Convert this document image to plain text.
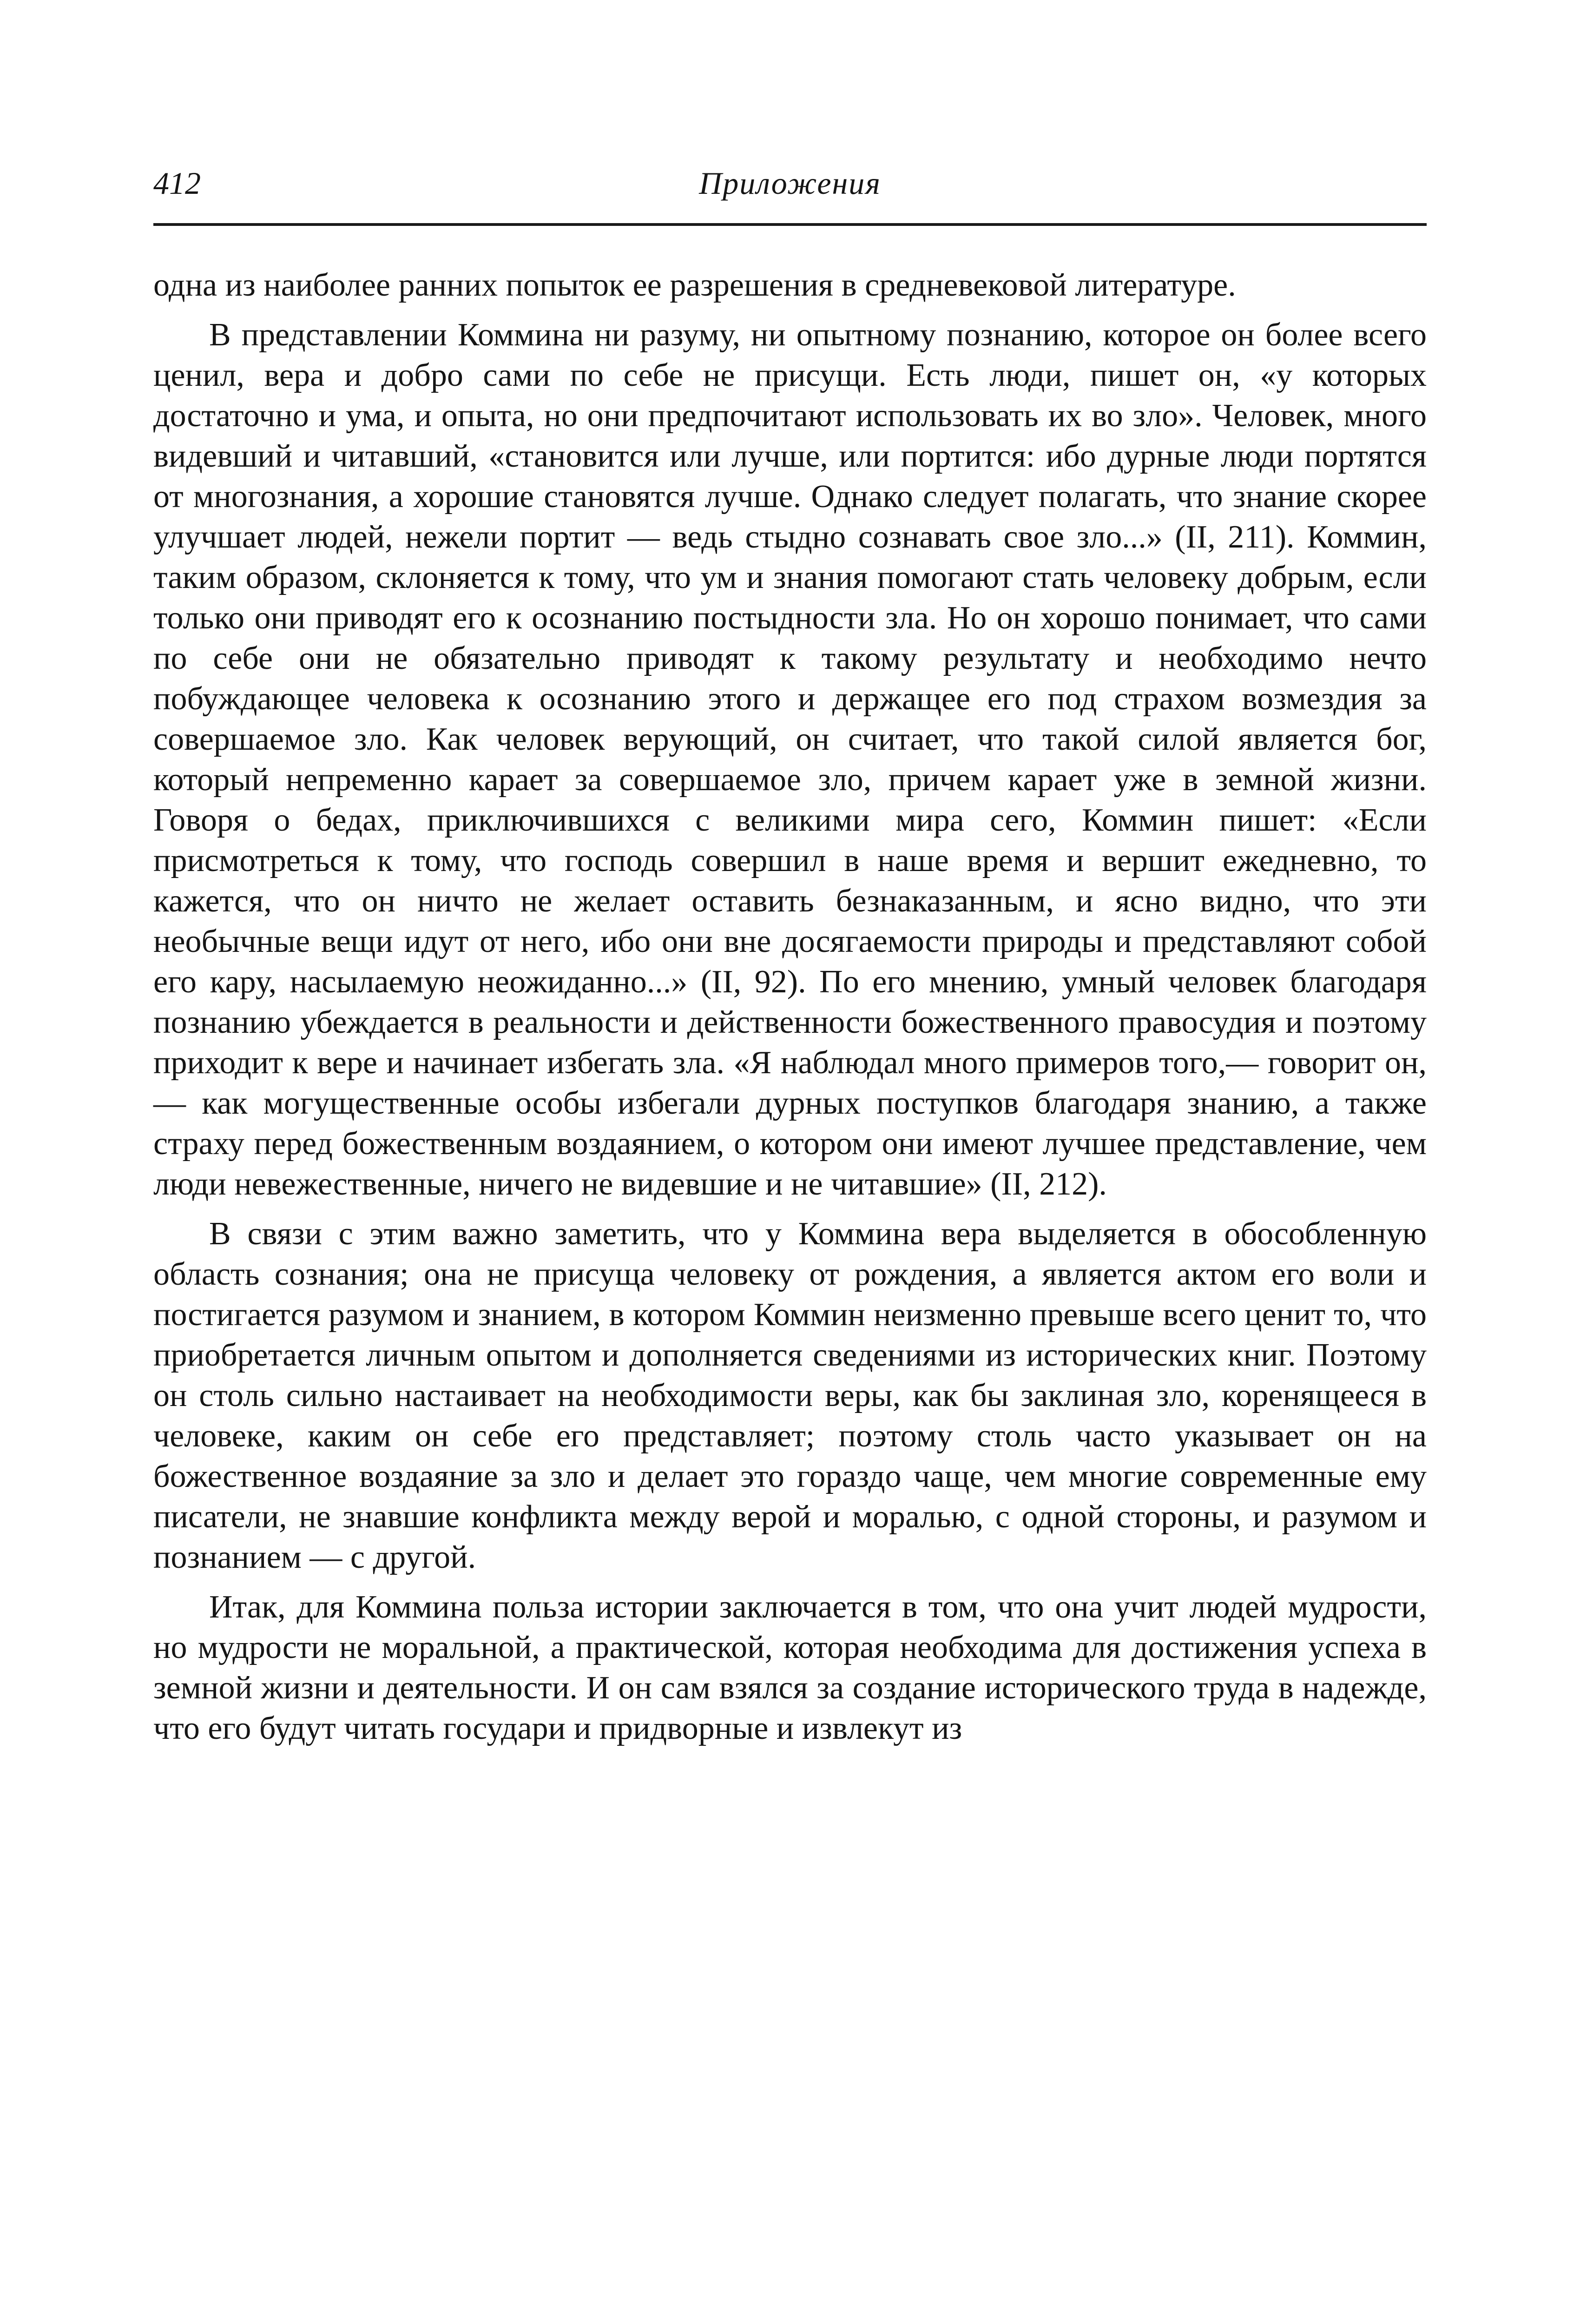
412	Приложения

одна из наиболее ранних попыток ее разрешения в средневековой литературе.

В представлении Коммина ни разуму, ни опытному познанию, которое он более всего ценил, вера и добро сами по себе не присущи. Есть люди, пишет он, «у которых достаточно и ума, и опыта, но они предпочитают использовать их во зло». Человек, много видевший и читавший, «становится или лучше, или портится: ибо дурные люди портятся от многознания, а хорошие становятся лучше. Однако следует полагать, что знание скорее улучшает людей, нежели портит — ведь стыдно сознавать свое зло...» (II, 211). Коммин, таким образом, склоняется к тому, что ум и знания помогают стать человеку добрым, если только они приводят его к осознанию постыдности зла. Но он хорошо понимает, что сами по себе они не обязательно приводят к такому результату и необходимо нечто побуждающее человека к осознанию этого и держащее его под страхом возмездия за совершаемое зло. Как человек верующий, он считает, что такой силой является бог, который непременно карает за совершаемое зло, причем карает уже в земной жизни. Говоря о бедах, приключившихся с великими мира сего, Коммин пишет: «Если присмотреться к тому, что господь совершил в наше время и вершит ежедневно, то кажется, что он ничто не желает оставить безнаказанным, и ясно видно, что эти необычные вещи идут от него, ибо они вне досягаемости природы и представляют собой его кару, насылаемую неожиданно...» (II, 92). По его мнению, умный человек благодаря познанию убеждается в реальности и действенности божественного правосудия и поэтому приходит к вере и начинает избегать зла. «Я наблюдал много примеров того,— говорит он,— как могущественные особы избегали дурных поступков благодаря знанию, а также страху перед божественным воздаянием, о котором они имеют лучшее представление, чем люди невежественные, ничего не видевшие и не читавшие» (II, 212).

В связи с этим важно заметить, что у Коммина вера выделяется в обособленную область сознания; она не присуща человеку от рождения, а является актом его воли и постигается разумом и знанием, в котором Коммин неизменно превыше всего ценит то, что приобретается личным опытом и дополняется сведениями из исторических книг. Поэтому он столь сильно настаивает на необходимости веры, как бы заклиная зло, коренящееся в человеке, каким он себе его представляет; поэтому столь часто указывает он на божественное воздаяние за зло и делает это гораздо чаще, чем многие современные ему писатели, не знавшие конфликта между верой и моралью, с одной стороны, и разумом и познанием — с другой.

Итак, для Коммина польза истории заключается в том, что она учит людей мудрости, но мудрости не моральной, а практической, которая необходима для достижения успеха в земной жизни и деятельности. И он сам взялся за создание исторического труда в надежде, что его будут читать государи и придворные и извлекут из
